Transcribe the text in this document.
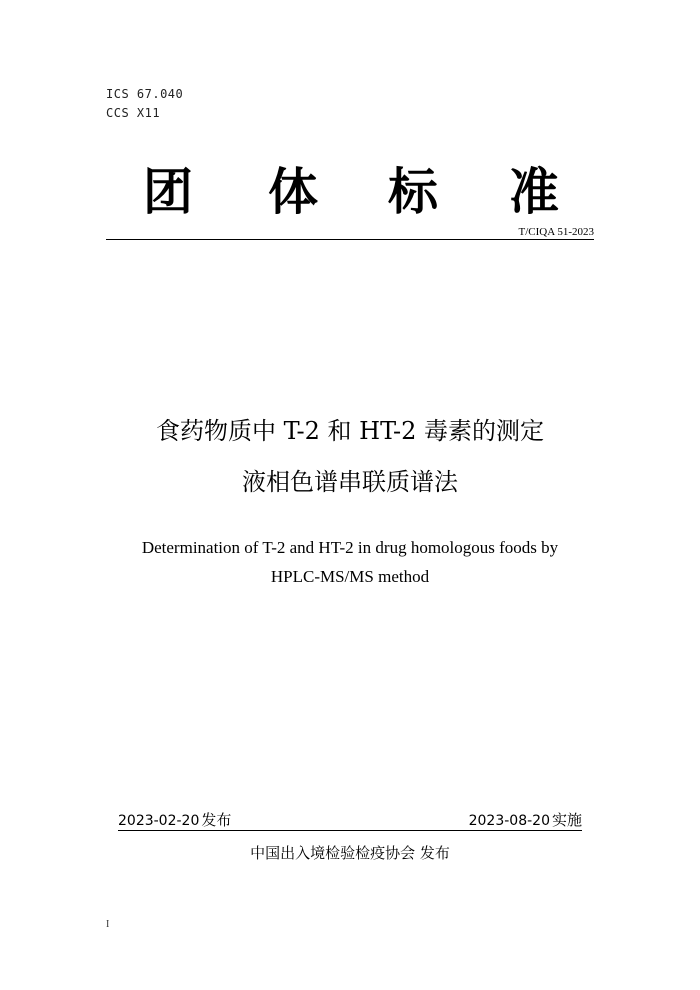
ICS 67.040
CCS X11
团 体 标 准
T/CIQA 51-2023
食药物质中 T-2 和 HT-2 毒素的测定
液相色谱串联质谱法
Determination of T-2 and HT-2 in drug homologous foods by
HPLC-MS/MS method
2023-02-20 发布	2023-08-20 实施
中国出入境检验检疫协会 发布
I
